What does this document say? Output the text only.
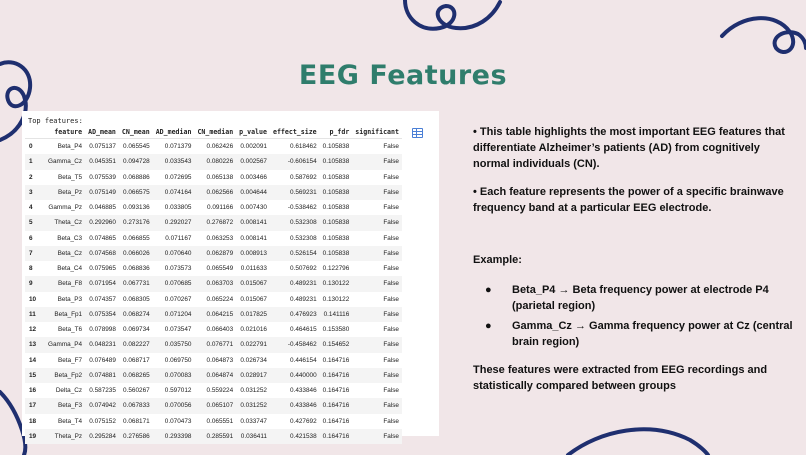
EEG Features
Top features:
	feature	AD_mean	CN_mean	AD_median	CN_median	p_value	effect_size	p_fdr	significant
0	Beta_P4	0.075137	0.065545	0.071379	0.062426	0.002091	0.618462	0.105838	False
1	Gamma_Cz	0.045351	0.094728	0.033543	0.080226	0.002567	-0.606154	0.105838	False
2	Beta_T5	0.075539	0.068886	0.072695	0.065138	0.003466	0.587692	0.105838	False
3	Beta_Pz	0.075149	0.066575	0.074164	0.062566	0.004644	0.569231	0.105838	False
4	Gamma_Pz	0.046885	0.093136	0.033805	0.091166	0.007430	-0.538462	0.105838	False
5	Theta_Cz	0.292960	0.273176	0.292027	0.276872	0.008141	0.532308	0.105838	False
6	Beta_C3	0.074865	0.066855	0.071167	0.063253	0.008141	0.532308	0.105838	False
7	Beta_Cz	0.074568	0.066026	0.070640	0.062879	0.008913	0.526154	0.105838	False
8	Beta_C4	0.075965	0.068836	0.073573	0.065549	0.011633	0.507692	0.122796	False
9	Beta_F8	0.071954	0.067731	0.070685	0.063703	0.015067	0.489231	0.130122	False
10	Beta_P3	0.074357	0.068305	0.070267	0.065224	0.015067	0.489231	0.130122	False
11	Beta_Fp1	0.075354	0.068274	0.071204	0.064215	0.017825	0.476923	0.141116	False
12	Beta_T6	0.078998	0.069734	0.073547	0.066403	0.021016	0.464615	0.153580	False
13	Gamma_P4	0.048231	0.082227	0.035750	0.076771	0.022791	-0.458462	0.154652	False
14	Beta_F7	0.076489	0.068717	0.069750	0.064873	0.026734	0.446154	0.164716	False
15	Beta_Fp2	0.074881	0.068265	0.070083	0.064874	0.028917	0.440000	0.164716	False
16	Delta_Cz	0.587235	0.560267	0.597012	0.559224	0.031252	0.433846	0.164716	False
17	Beta_F3	0.074942	0.067833	0.070056	0.065107	0.031252	0.433846	0.164716	False
18	Beta_T4	0.075152	0.068171	0.070473	0.065551	0.033747	0.427692	0.164716	False
19	Theta_Pz	0.295284	0.276586	0.293398	0.285591	0.036411	0.421538	0.164716	False

• This table highlights the most important EEG features that differentiate Alzheimer’s patients (AD) from cognitively normal individuals (CN).

• Each feature represents the power of a specific brainwave frequency band at a particular EEG electrode.

Example:

● Beta_P4 → Beta frequency power at electrode P4 (parietal region)
● Gamma_Cz → Gamma frequency power at Cz (central brain region)

These features were extracted from EEG recordings and statistically compared between groups
